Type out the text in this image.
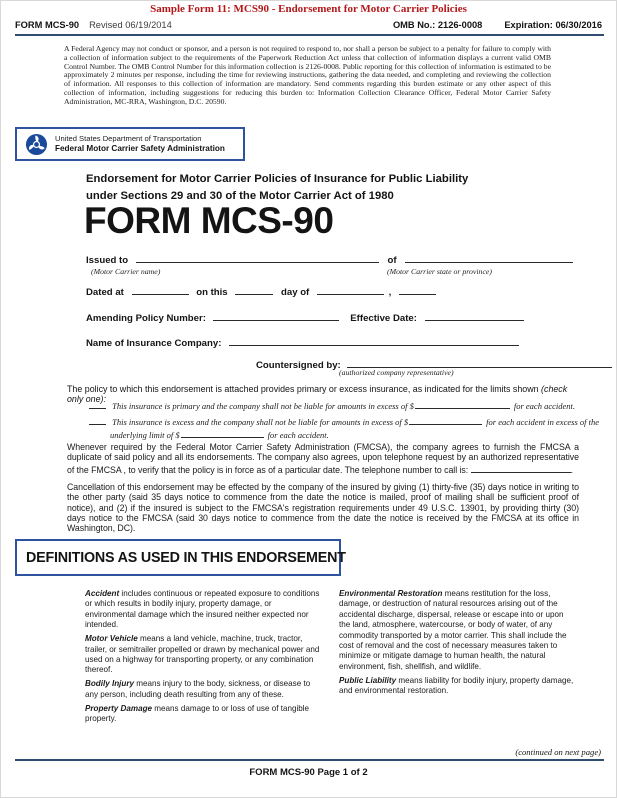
Sample Form 11: MCS90 - Endorsement for Motor Carrier Policies
FORM MCS-90 Revised 06/19/2014	OMB No.: 2126-0008 Expiration: 06/30/2016
A Federal Agency may not conduct or sponsor, and a person is not required to respond to, nor shall a person be subject to a penalty for failure to comply with a collection of information subject to the requirements of the Paperwork Reduction Act unless that collection of information displays a current valid OMB Control Number. The OMB Control Number for this information collection is 2126-0008. Public reporting for this collection of information is estimated to be approximately 2 minutes per response, including the time for reviewing instructions, gathering the data needed, and completing and reviewing the collection of information. All responses to this collection of information are mandatory. Send comments regarding this burden estimate or any other aspect of this collection of information, including suggestions for reducing this burden to: Information Collection Clearance Officer, Federal Motor Carrier Safety Administration, MC-RRA, Washington, D.C. 20590.
United States Department of Transportation
Federal Motor Carrier Safety Administration
Endorsement for Motor Carrier Policies of Insurance for Public Liability
under Sections 29 and 30 of the Motor Carrier Act of 1980
FORM MCS-90
Issued to	of
(Motor Carrier name)	(Motor Carrier state or province)
Dated at	on this	day of	,
Amending Policy Number:	Effective Date:
Name of Insurance Company:
Countersigned by:
(authorized company representative)
The policy to which this endorsement is attached provides primary or excess insurance, as indicated for the limits shown (check only one):
This insurance is primary and the company shall not be liable for amounts in excess of $	for each accident.
This insurance is excess and the company shall not be liable for amounts in excess of $	for each accident in excess of the
underlying limit of $	for each accident.
Whenever required by the Federal Motor Carrier Safety Administration (FMCSA), the company agrees to furnish the FMCSA a duplicate of said policy and all its endorsements. The company also agrees, upon telephone request by an authorized representative of the FMCSA , to verify that the policy is in force as of a particular date. The telephone number to call is:	.
Cancellation of this endorsement may be effected by the company of the insured by giving (1) thirty-five (35) days notice in writing to the other party (said 35 days notice to commence from the date the notice is mailed, proof of mailing shall be sufficient proof of notice), and (2) if the insured is subject to the FMCSA's registration requirements under 49 U.S.C. 13901, by providing thirty (30) days notice to the FMCSA (said 30 days notice to commence from the date the notice is received by the FMCSA at its office in Washington, DC).
DEFINITIONS AS USED IN THIS ENDORSEMENT

Accident includes continuous or repeated exposure to conditions or which results in bodily injury, property damage, or environmental damage which the insured neither expected nor intended.

Motor Vehicle means a land vehicle, machine, truck, tractor, trailer, or semitrailer propelled or drawn by mechanical power and used on a highway for transporting property, or any combination thereof.

Bodily Injury means injury to the body, sickness, or disease to any person, including death resulting from any of these.

Property Damage means damage to or loss of use of tangible property.

Environmental Restoration means restitution for the loss, damage, or destruction of natural resources arising out of the accidental discharge, dispersal, release or escape into or upon the land, atmosphere, watercourse, or body of water, of any commodity transported by a motor carrier. This shall include the cost of removal and the cost of necessary measures taken to minimize or mitigate damage to human health, the natural environment, fish, shellfish, and wildlife.

Public Liability means liability for bodily injury, property damage, and environmental restoration.

(continued on next page)
FORM MCS-90 Page 1 of 2
